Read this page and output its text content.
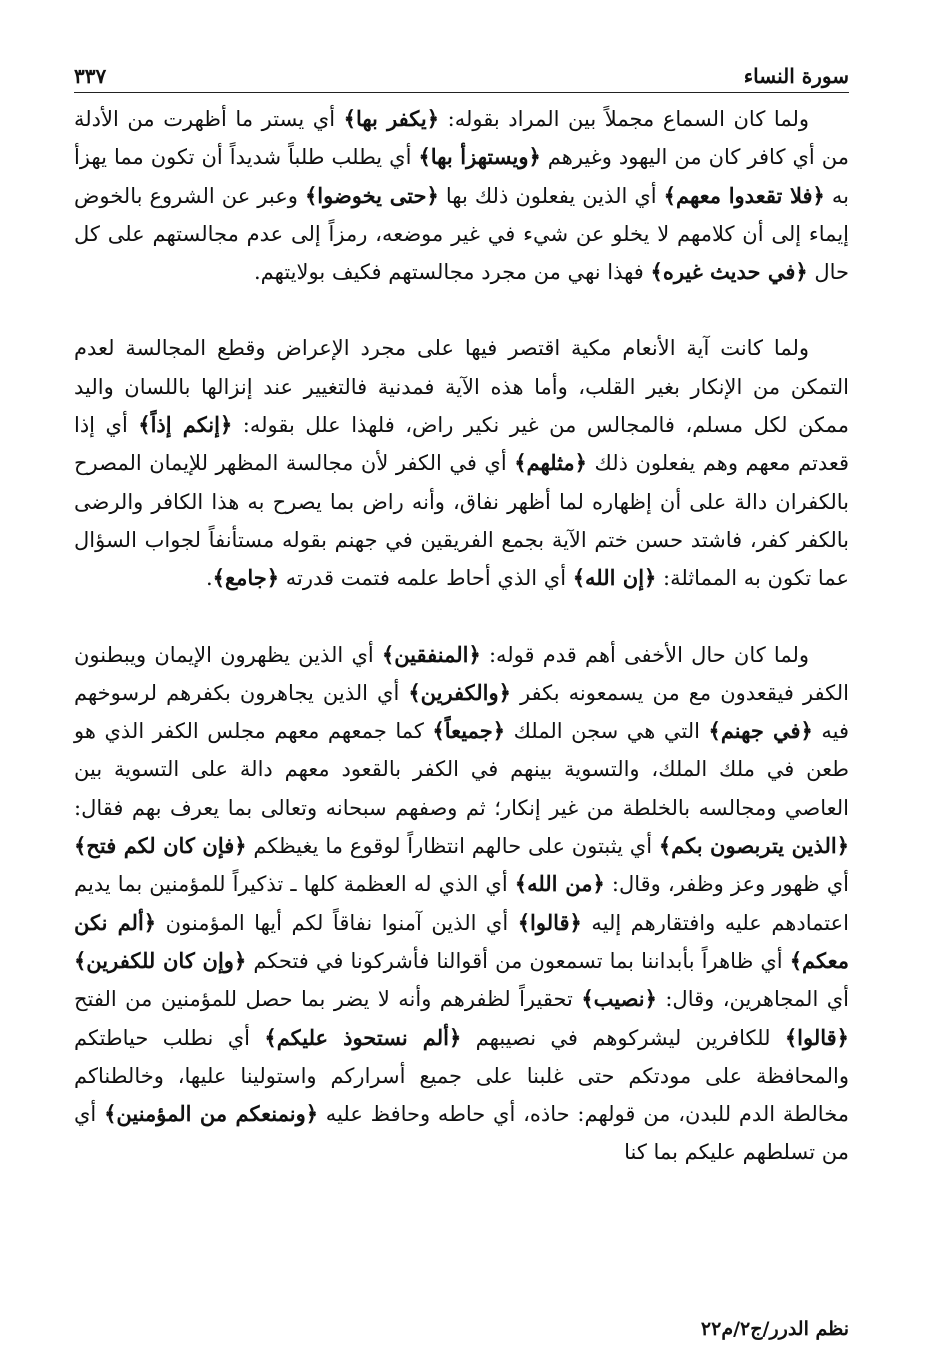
٣٣٧	سورة النساء

ولما كان السماع مجملاً بين المراد بقوله: ﴿يكفر بها﴾ أي يستر ما أظهرت من الأدلة من أي كافر كان من اليهود وغيرهم ﴿ويستهزأ بها﴾ أي يطلب طلباً شديداً أن تكون مما يهزأ به ﴿فلا تقعدوا معهم﴾ أي الذين يفعلون ذلك بها ﴿حتى يخوضوا﴾ وعبر عن الشروع بالخوض إيماء إلى أن كلامهم لا يخلو عن شيء في غير موضعه، رمزاً إلى عدم مجالستهم على كل حال ﴿في حديث غيره﴾ فهذا نهي من مجرد مجالستهم فكيف بولايتهم.

ولما كانت آية الأنعام مكية اقتصر فيها على مجرد الإعراض وقطع المجالسة لعدم التمكن من الإنكار بغير القلب، وأما هذه الآية فمدنية فالتغيير عند إنزالها باللسان واليد ممكن لكل مسلم، فالمجالس من غير نكير راض، فلهذا علل بقوله: ﴿إنكم إذاً﴾ أي إذا قعدتم معهم وهم يفعلون ذلك ﴿مثلهم﴾ أي في الكفر لأن مجالسة المظهر للإيمان المصرح بالكفران دالة على أن إظهاره لما أظهر نفاق، وأنه راض بما يصرح به هذا الكافر والرضى بالكفر كفر، فاشتد حسن ختم الآية بجمع الفريقين في جهنم بقوله مستأنفاً لجواب السؤال عما تكون به المماثلة: ﴿إن الله﴾ أي الذي أحاط علمه فتمت قدرته ﴿جامع﴾.

ولما كان حال الأخفى أهم قدم قوله: ﴿المنفقين﴾ أي الذين يظهرون الإيمان ويبطنون الكفر فيقعدون مع من يسمعونه بكفر ﴿والكفرين﴾ أي الذين يجاهرون بكفرهم لرسوخهم فيه ﴿في جهنم﴾ التي هي سجن الملك ﴿جميعاً﴾ كما جمعهم معهم مجلس الكفر الذي هو طعن في ملك الملك، والتسوية بينهم في الكفر بالقعود معهم دالة على التسوية بين العاصي ومجالسه بالخلطة من غير إنكار؛ ثم وصفهم سبحانه وتعالى بما يعرف بهم فقال: ﴿الذين يتربصون بكم﴾ أي يثبتون على حالهم انتظاراً لوقوع ما يغيظكم ﴿فإن كان لكم فتح﴾ أي ظهور وعز وظفر، وقال: ﴿من الله﴾ أي الذي له العظمة كلها ـ تذكيراً للمؤمنين بما يديم اعتمادهم عليه وافتقارهم إليه ﴿قالوا﴾ أي الذين آمنوا نفاقاً لكم أيها المؤمنون ﴿ألم نكن معكم﴾ أي ظاهراً بأبداننا بما تسمعون من أقوالنا فأشركونا في فتحكم ﴿وإن كان للكفرين﴾ أي المجاهرين، وقال: ﴿نصيب﴾ تحقيراً لظفرهم وأنه لا يضر بما حصل للمؤمنين من الفتح ﴿قالوا﴾ للكافرين ليشركوهم في نصيبهم ﴿ألم نستحوذ عليكم﴾ أي نطلب حياطتكم والمحافظة على مودتكم حتى غلبنا على جميع أسراركم واستولينا عليها، وخالطناكم مخالطة الدم للبدن، من قولهم: حاذه، أي حاطه وحافظ عليه ﴿ونمنعكم من المؤمنين﴾ أي من تسلطهم عليكم بما كنا

نظم الدرر/ج٢/م٢٢
